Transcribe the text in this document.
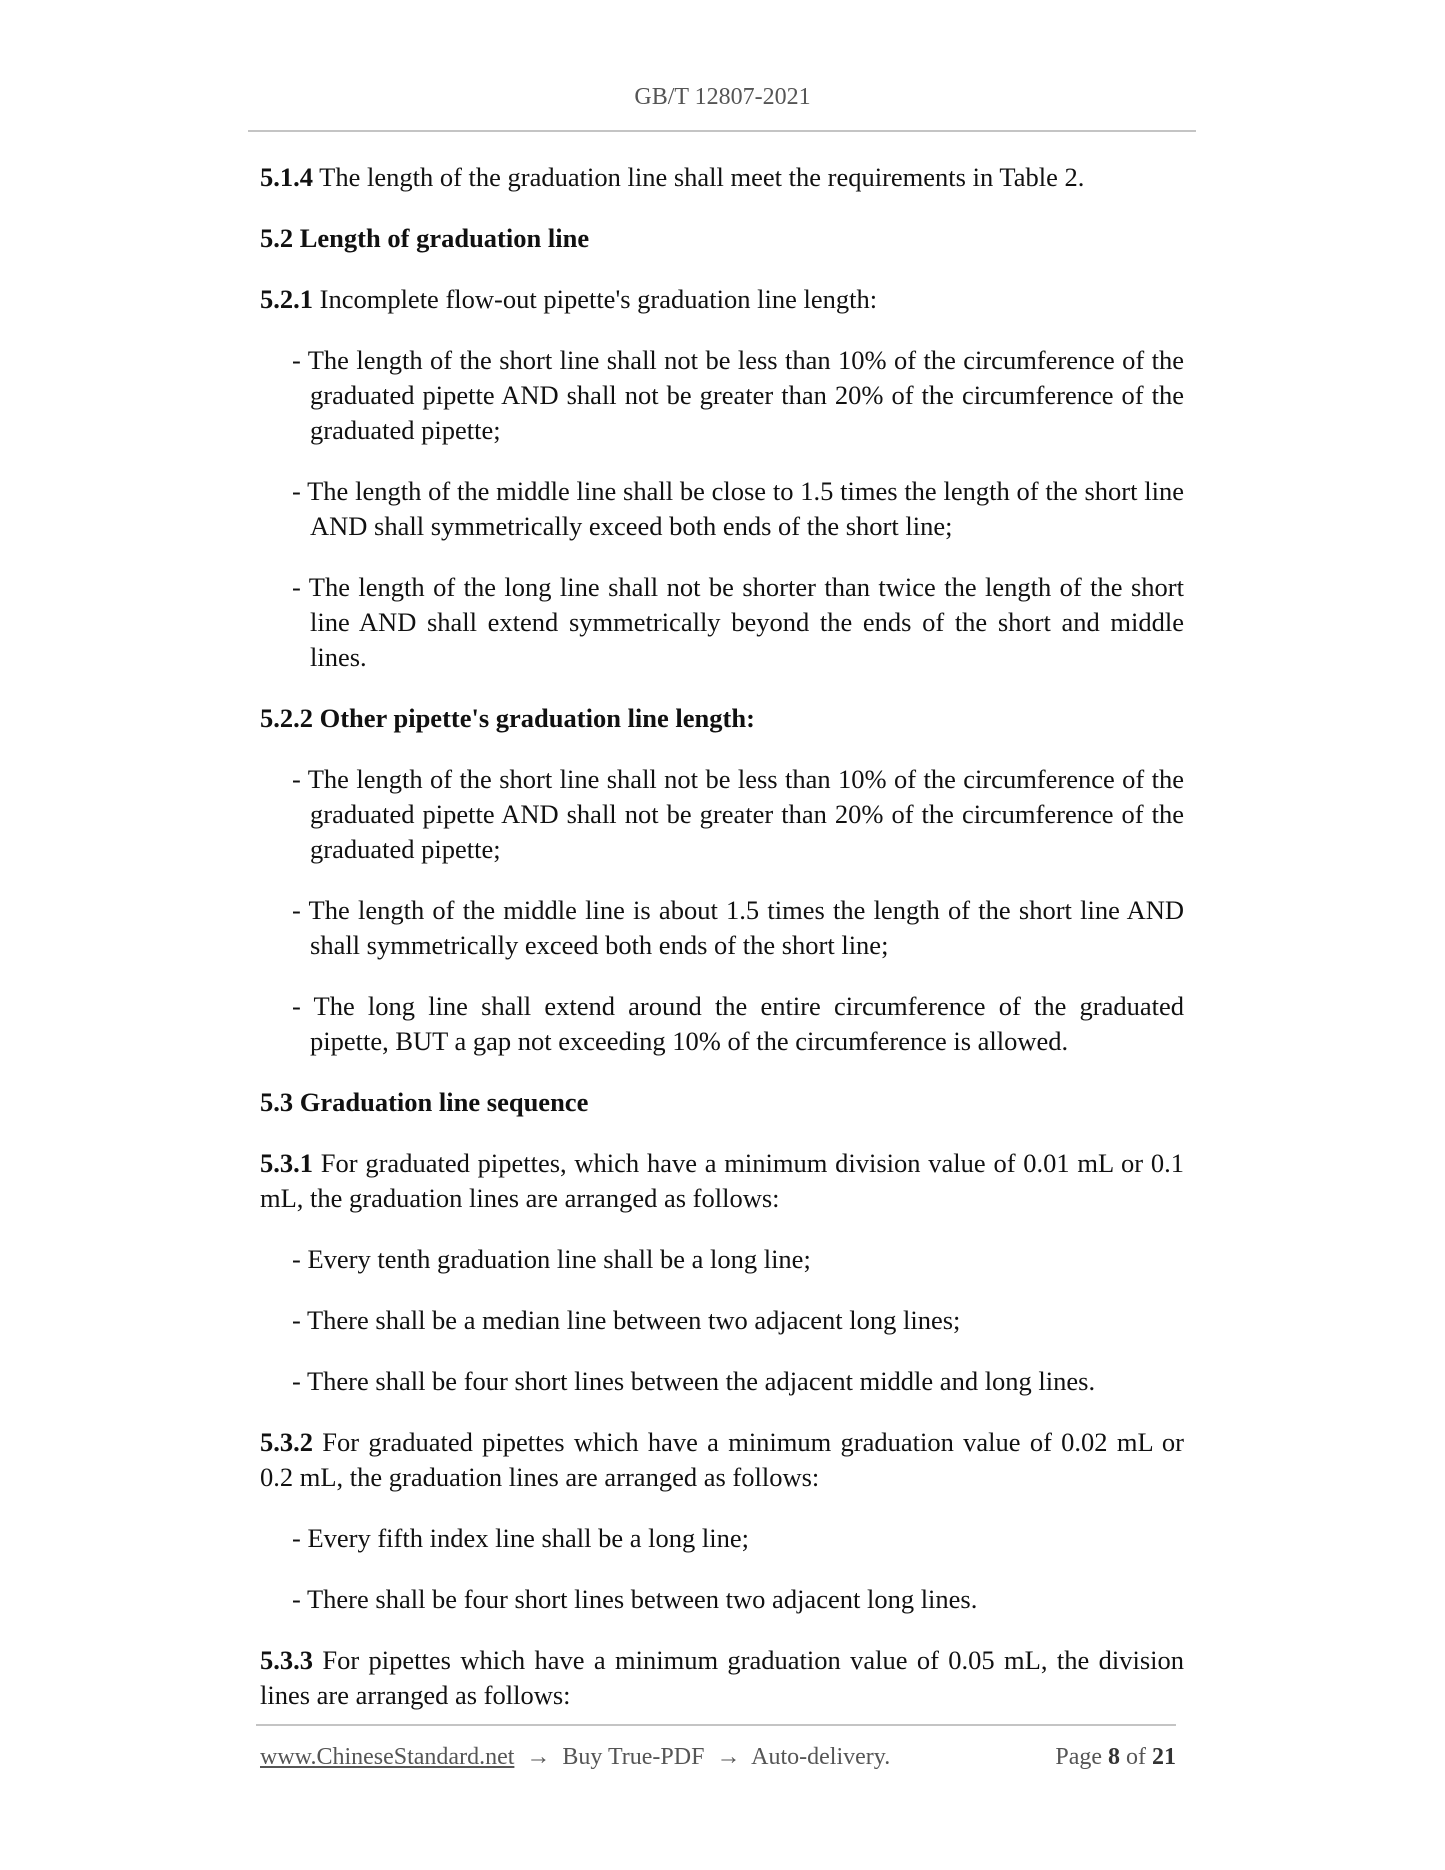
GB/T 12807-2021

5.1.4 The length of the graduation line shall meet the requirements in Table 2.

5.2 Length of graduation line

5.2.1 Incomplete flow-out pipette's graduation line length:

- The length of the short line shall not be less than 10% of the circumference of the graduated pipette AND shall not be greater than 20% of the circumference of the graduated pipette;

- The length of the middle line shall be close to 1.5 times the length of the short line AND shall symmetrically exceed both ends of the short line;

- The length of the long line shall not be shorter than twice the length of the short line AND shall extend symmetrically beyond the ends of the short and middle lines.

5.2.2 Other pipette's graduation line length:

- The length of the short line shall not be less than 10% of the circumference of the graduated pipette AND shall not be greater than 20% of the circumference of the graduated pipette;

- The length of the middle line is about 1.5 times the length of the short line AND shall symmetrically exceed both ends of the short line;

- The long line shall extend around the entire circumference of the graduated pipette, BUT a gap not exceeding 10% of the circumference is allowed.

5.3 Graduation line sequence

5.3.1 For graduated pipettes, which have a minimum division value of 0.01 mL or 0.1 mL, the graduation lines are arranged as follows:

- Every tenth graduation line shall be a long line;

- There shall be a median line between two adjacent long lines;

- There shall be four short lines between the adjacent middle and long lines.

5.3.2 For graduated pipettes which have a minimum graduation value of 0.02 mL or 0.2 mL, the graduation lines are arranged as follows:

- Every fifth index line shall be a long line;

- There shall be four short lines between two adjacent long lines.

5.3.3 For pipettes which have a minimum graduation value of 0.05 mL, the division lines are arranged as follows:

www.ChineseStandard.net → Buy True-PDF → Auto-delivery.	Page 8 of 21
